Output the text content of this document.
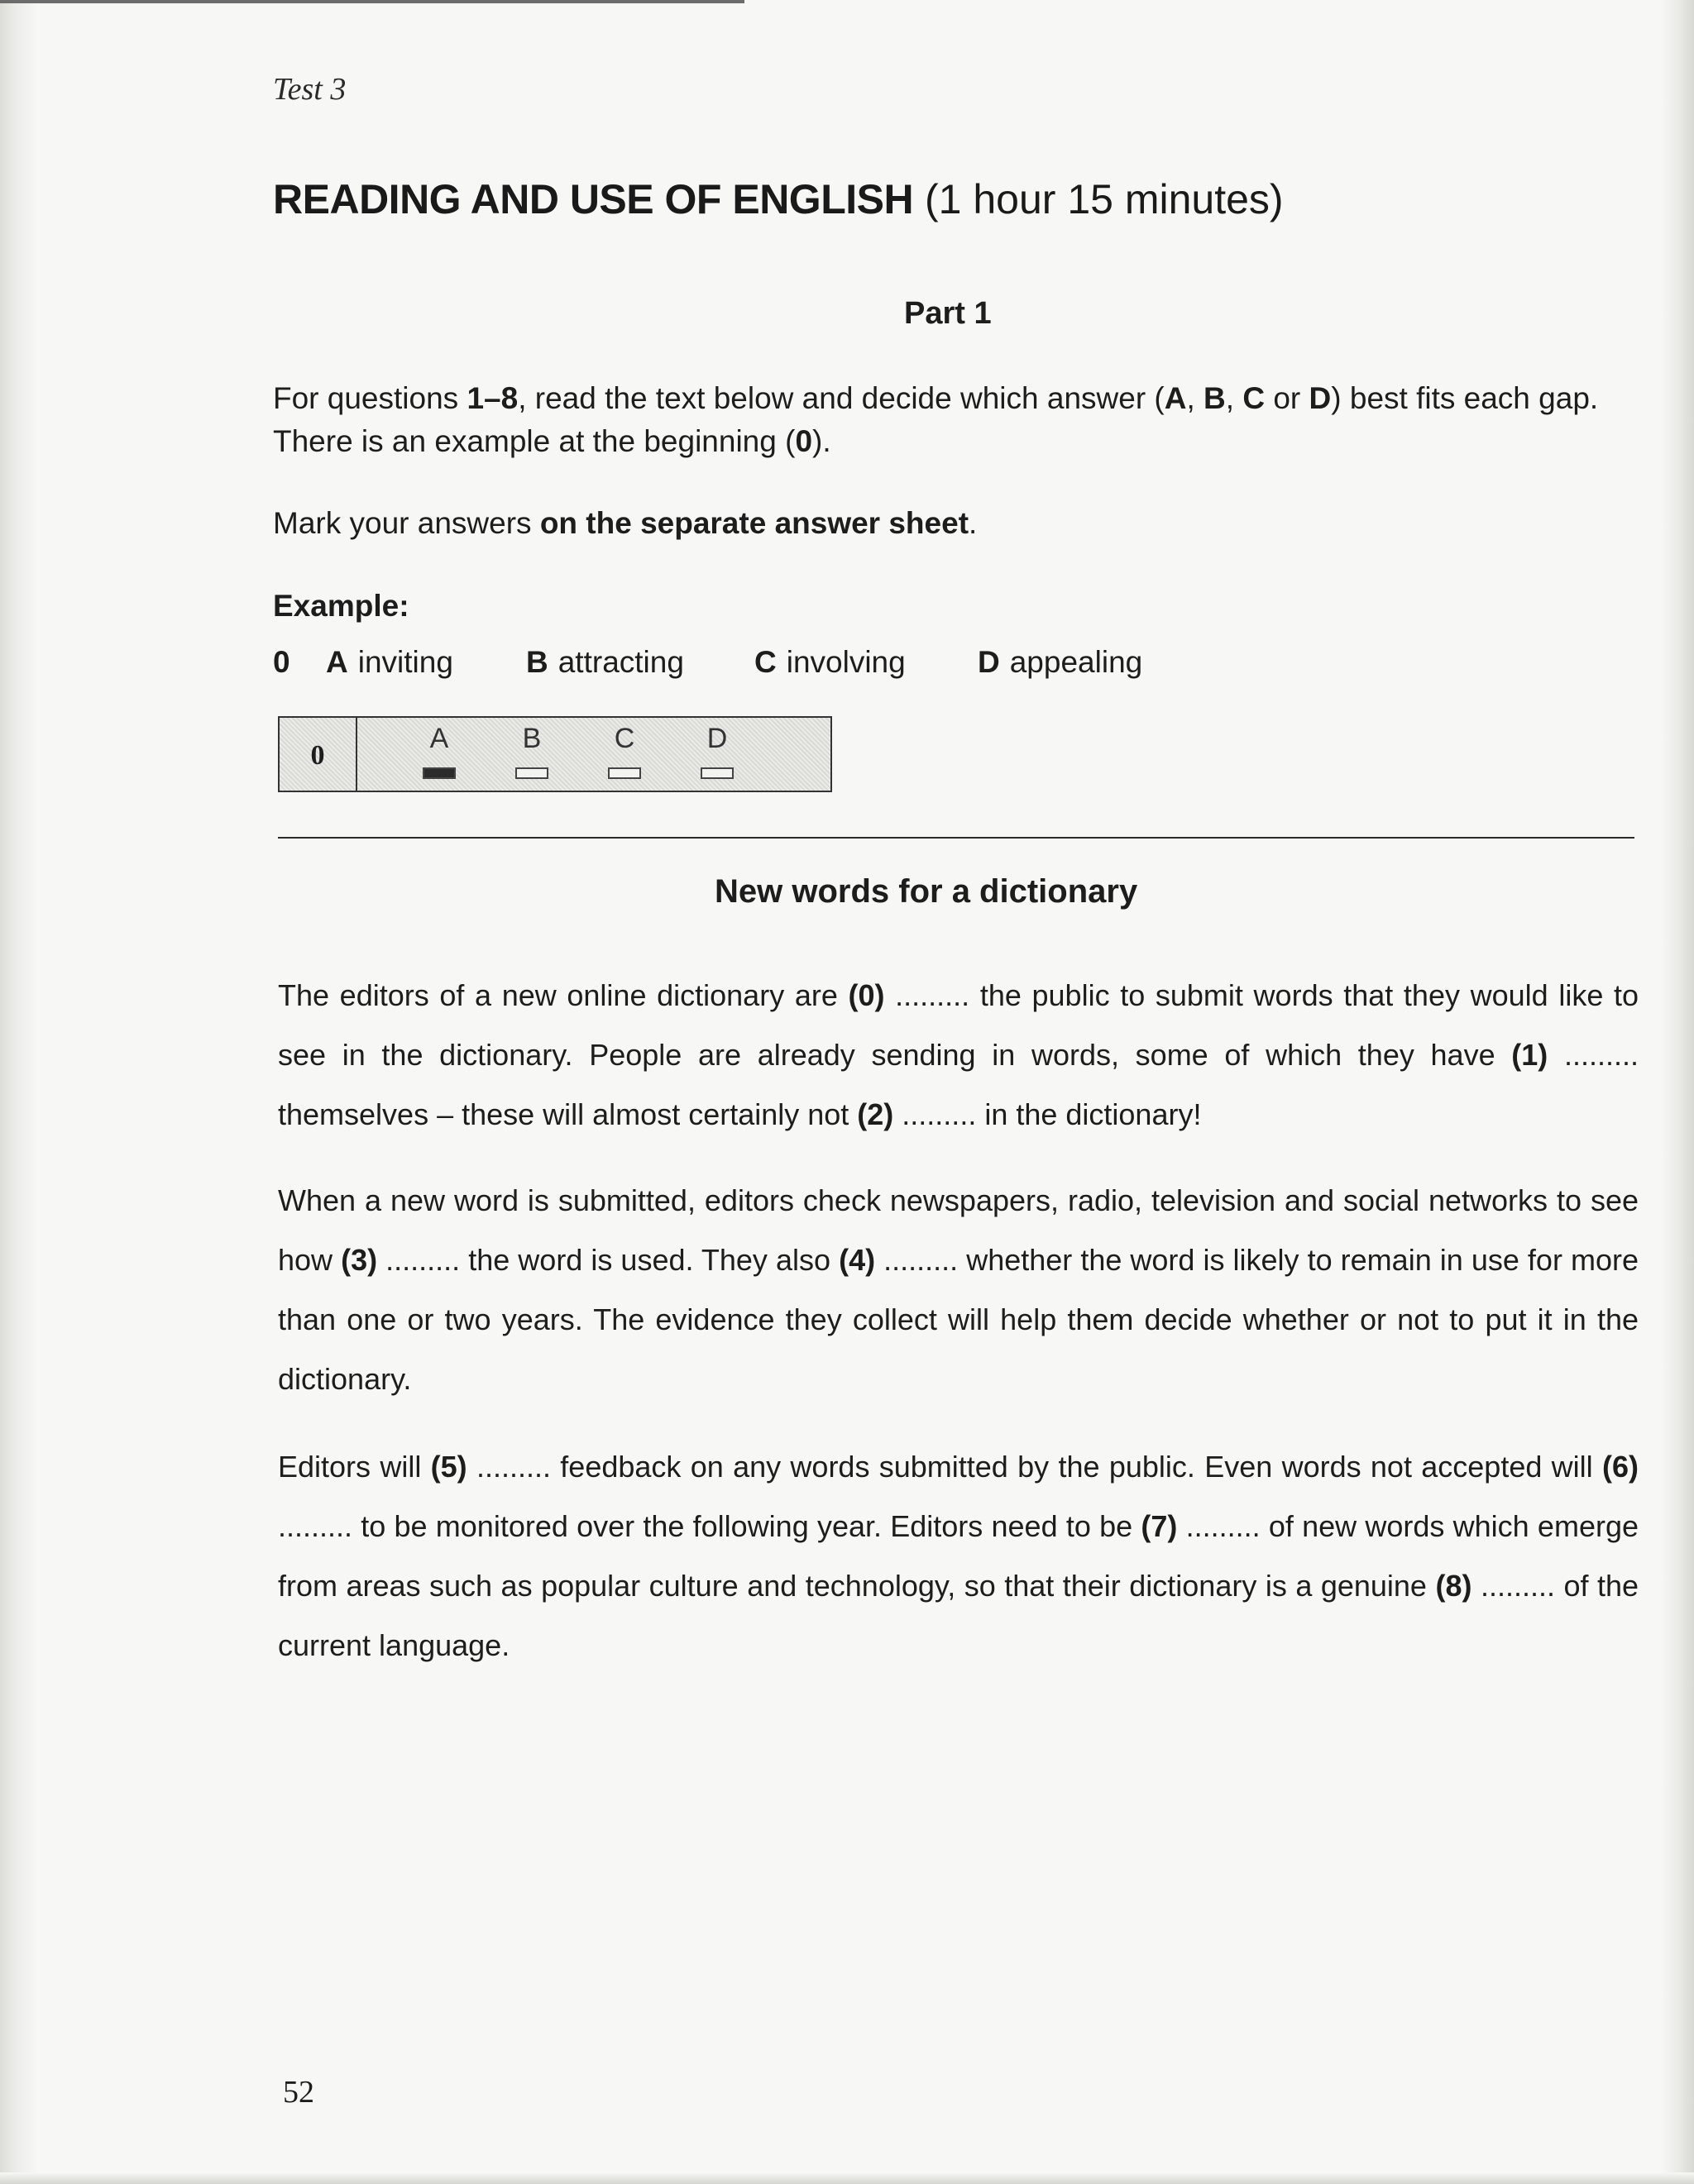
Test 3
READING AND USE OF ENGLISH (1 hour 15 minutes)
Part 1
For questions 1–8, read the text below and decide which answer (A, B, C or D) best fits each gap.
There is an example at the beginning (0).
Mark your answers on the separate answer sheet.
Example:
0 A inviting B attracting C involving D appealing
0
A	B	C	D
New words for a dictionary
The editors of a new online dictionary are (0) ......... the public to submit words that they would like to see in the dictionary. People are already sending in words, some of which they have (1) ......... themselves – these will almost certainly not (2) ......... in the dictionary!
When a new word is submitted, editors check newspapers, radio, television and social networks to see how (3) ......... the word is used. They also (4) ......... whether the word is likely to remain in use for more than one or two years. The evidence they collect will help them decide whether or not to put it in the dictionary.
Editors will (5) ......... feedback on any words submitted by the public. Even words not accepted will (6) ......... to be monitored over the following year. Editors need to be (7) ......... of new words which emerge from areas such as popular culture and technology, so that their dictionary is a genuine (8) ......... of the current language.
52
